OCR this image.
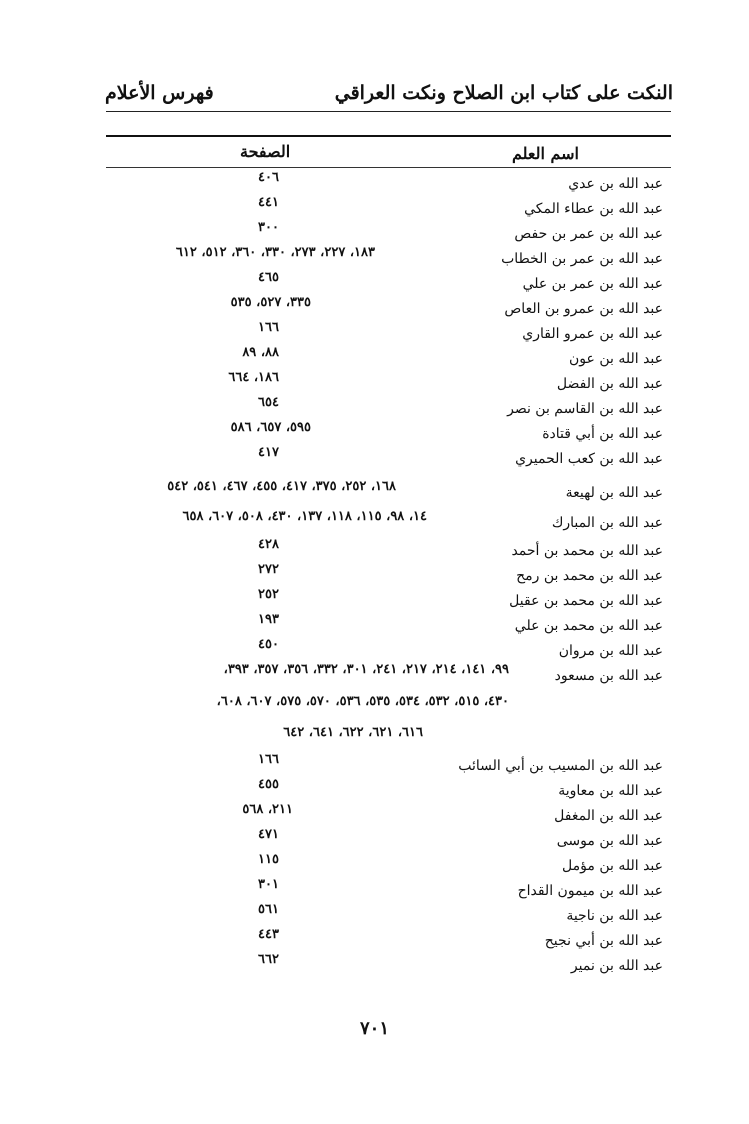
النكت على كتاب ابن الصلاح ونكت العراقي
فهرس الأعلام
اسم العلم
الصفحة
عبد الله بن عدي
٤٠٦
عبد الله بن عطاء المكي
٤٤١
عبد الله بن عمر بن حفص
٣٠٠
عبد الله بن عمر بن الخطاب
١٨٣، ٢٢٧، ٢٧٣، ٣٣٠، ٣٦٠، ٥١٢، ٦١٢
عبد الله بن عمر بن علي
٤٦٥
عبد الله بن عمرو بن العاص
٣٣٥، ٥٢٧، ٥٣٥
عبد الله بن عمرو القاري
١٦٦
عبد الله بن عون
٨٨، ٨٩
عبد الله بن الفضل
١٨٦، ٦٦٤
عبد الله بن القاسم بن نصر
٦٥٤
عبد الله بن أبي قتادة
٥٩٥، ٦٥٧، ٥٨٦
عبد الله بن كعب الحميري
٤١٧
عبد الله بن لهيعة
١٦٨، ٢٥٢، ٣٧٥، ٤١٧، ٤٥٥، ٤٦٧، ٥٤١، ٥٤٢
عبد الله بن المبارك
١٤، ٩٨، ١١٥، ١١٨، ١٣٧، ٤٣٠، ٥٠٨، ٦٠٧، ٦٥٨
عبد الله بن محمد بن أحمد
٤٢٨
عبد الله بن محمد بن رمح
٢٧٢
عبد الله بن محمد بن عقيل
٢٥٢
عبد الله بن محمد بن علي
١٩٣
عبد الله بن مروان
٤٥٠
عبد الله بن مسعود
٩٩، ١٤١، ٢١٤، ٢١٧، ٢٤١، ٣٠١، ٣٣٢، ٣٥٦، ٣٥٧، ٣٩٣،
٤٣٠، ٥١٥، ٥٣٢، ٥٣٤، ٥٣٥، ٥٣٦، ٥٧٠، ٥٧٥، ٦٠٧، ٦٠٨،
٦١٦، ٦٢١، ٦٢٢، ٦٤١، ٦٤٢
عبد الله بن المسيب بن أبي السائب
١٦٦
عبد الله بن معاوية
٤٥٥
عبد الله بن المغفل
٢١١، ٥٦٨
عبد الله بن موسى
٤٧١
عبد الله بن مؤمل
١١٥
عبد الله بن ميمون القداح
٣٠١
عبد الله بن ناجية
٥٦١
عبد الله بن أبي نجيح
٤٤٣
عبد الله بن نمير
٦٦٢
٧٠١
